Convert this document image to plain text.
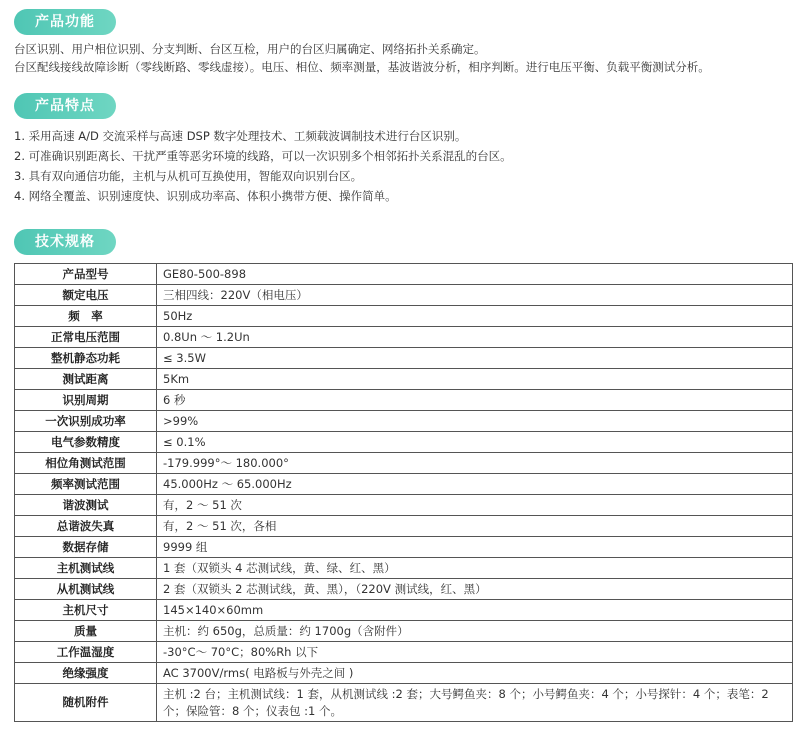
产品功能
台区识别、用户相位识别、分支判断、台区互检，用户的台区归属确定、网络拓扑关系确定。
台区配线接线故障诊断（零线断路、零线虚接）。电压、相位、频率测量，基波谐波分析，相序判断。进行电压平衡、负载平衡测试分析。
产品特点
1. 采用高速 A/D 交流采样与高速 DSP 数字处理技术、工频载波调制技术进行台区识别。
2. 可准确识别距离长、干扰严重等恶劣环境的线路，可以一次识别多个相邻拓扑关系混乱的台区。
3. 具有双向通信功能，主机与从机可互换使用，智能双向识别台区。
4. 网络全覆盖、识别速度快、识别成功率高、体积小携带方便、操作简单。
技术规格
产品型号	GE80-500-898
额定电压	三相四线：220V（相电压）
频　率	50Hz
正常电压范围	0.8Un ～ 1.2Un
整机静态功耗	≤ 3.5W
测试距离	5Km
识别周期	6 秒
一次识别成功率	>99%
电气参数精度	≤ 0.1%
相位角测试范围	-179.999°～ 180.000°
频率测试范围	45.000Hz ～ 65.000Hz
谐波测试	有，2 ～ 51 次
总谐波失真	有，2 ～ 51 次，各相
数据存储	9999 组
主机测试线	1 套（双锁头 4 芯测试线，黄、绿、红、黑）
从机测试线	2 套（双锁头 2 芯测试线，黄、黑），（220V 测试线，红、黑）
主机尺寸	145×140×60mm
质量	主机：约 650g，总质量：约 1700g（含附件）
工作温湿度	-30°C～ 70°C；80%Rh 以下
绝缘强度	AC 3700V/rms( 电路板与外壳之间 )
随机附件	主机 :2 台；主机测试线：1 套，从机测试线 :2 套；大号鳄鱼夹：8 个；小号鳄鱼夹：4 个；小号探针：4 个；表笔：2 个；保险管：8 个；仪表包 :1 个。
